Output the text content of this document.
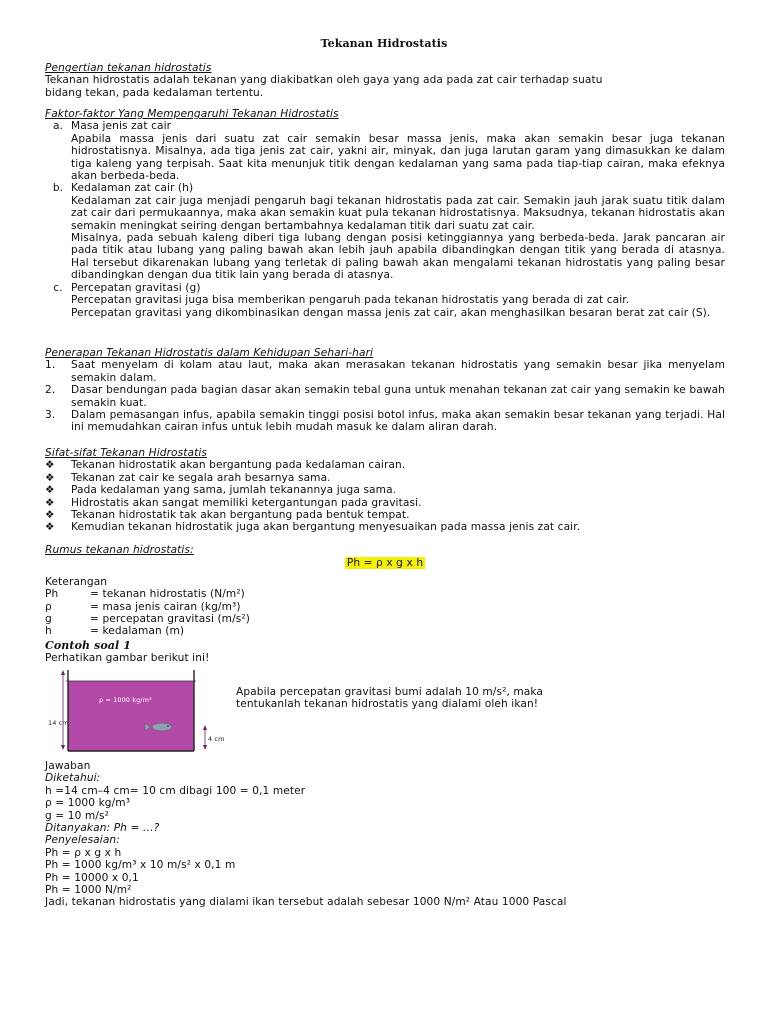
Tekanan Hidrostatis
Pengertian tekanan hidrostatis
Tekanan hidrostatis adalah tekanan yang diakibatkan oleh gaya yang ada pada zat cair terhadap suatu
bidang tekan, pada kedalaman tertentu.
Faktor-faktor Yang Mempengaruhi Tekanan Hidrostatis
a. Masa jenis zat cair
Apabila massa jenis dari suatu zat cair semakin besar massa jenis, maka akan semakin besar juga tekanan hidrostatisnya. Misalnya, ada tiga jenis zat cair, yakni air, minyak, dan juga larutan garam yang dimasukkan ke dalam tiga kaleng yang terpisah. Saat kita menunjuk titik dengan kedalaman yang sama pada tiap-tiap cairan, maka efeknya akan berbeda-beda.
b. Kedalaman zat cair (h)
Kedalaman zat cair juga menjadi pengaruh bagi tekanan hidrostatis pada zat cair. Semakin jauh jarak suatu titik dalam zat cair dari permukaannya, maka akan semakin kuat pula tekanan hidrostatisnya. Maksudnya, tekanan hidrostatis akan semakin meningkat seiring dengan bertambahnya kedalaman titik dari suatu zat cair.
Misalnya, pada sebuah kaleng diberi tiga lubang dengan posisi ketinggiannya yang berbeda-beda. Jarak pancaran air pada titik atau lubang yang paling bawah akan lebih jauh apabila dibandingkan dengan titik yang berada di atasnya. Hal tersebut dikarenakan lubang yang terletak di paling bawah akan mengalami tekanan hidrostatis yang paling besar dibandingkan dengan dua titik lain yang berada di atasnya.
c. Percepatan gravitasi (g)
Percepatan gravitasi juga bisa memberikan pengaruh pada tekanan hidrostatis yang berada di zat cair.
Percepatan gravitasi yang dikombinasikan dengan massa jenis zat cair, akan menghasilkan besaran berat zat cair (S).
Penerapan Tekanan Hidrostatis dalam Kehidupan Sehari-hari
1.	Saat menyelam di kolam atau laut, maka akan merasakan tekanan hidrostatis yang semakin besar jika menyelam semakin dalam.
2.	Dasar bendungan pada bagian dasar akan semakin tebal guna untuk menahan tekanan zat cair yang semakin ke bawah semakin kuat.
3.	Dalam pemasangan infus, apabila semakin tinggi posisi botol infus, maka akan semakin besar tekanan yang terjadi. Hal ini memudahkan cairan infus untuk lebih mudah masuk ke dalam aliran darah.
Sifat-sifat Tekanan Hidrostatis
❖	Tekanan hidrostatik akan bergantung pada kedalaman cairan.
❖	Tekanan zat cair ke segala arah besarnya sama.
❖	Pada kedalaman yang sama, jumlah tekanannya juga sama.
❖	Hidrostatis akan sangat memiliki ketergantungan pada gravitasi.
❖	Tekanan hidrostatik tak akan bergantung pada bentuk tempat.
❖	Kemudian tekanan hidrostatik juga akan bergantung menyesuaikan pada massa jenis zat cair.
Rumus tekanan hidrostatis:
Ph = ρ x g x h
Keterangan
Ph	= tekanan hidrostatis (N/m²)
ρ	= masa jenis cairan (kg/m³)
g	= percepatan gravitasi (m/s²)
h	= kedalaman (m)
Contoh soal 1
Perhatikan gambar berikut ini!
ρ = 1000 kg/m³
14 cm
4 cm
Apabila percepatan gravitasi bumi adalah 10 m/s², maka tentukanlah tekanan hidrostatis yang dialami oleh ikan!
Jawaban
Diketahui:
h =14 cm–4 cm= 10 cm dibagi 100 = 0,1 meter
ρ = 1000 kg/m³
g = 10 m/s²
Ditanyakan: Ph = …?
Penyelesaian:
Ph = ρ x g x h
Ph = 1000 kg/m³ x 10 m/s² x 0,1 m
Ph = 10000 x 0,1
Ph = 1000 N/m²
Jadi, tekanan hidrostatis yang dialami ikan tersebut adalah sebesar 1000 N/m² Atau 1000 Pascal
